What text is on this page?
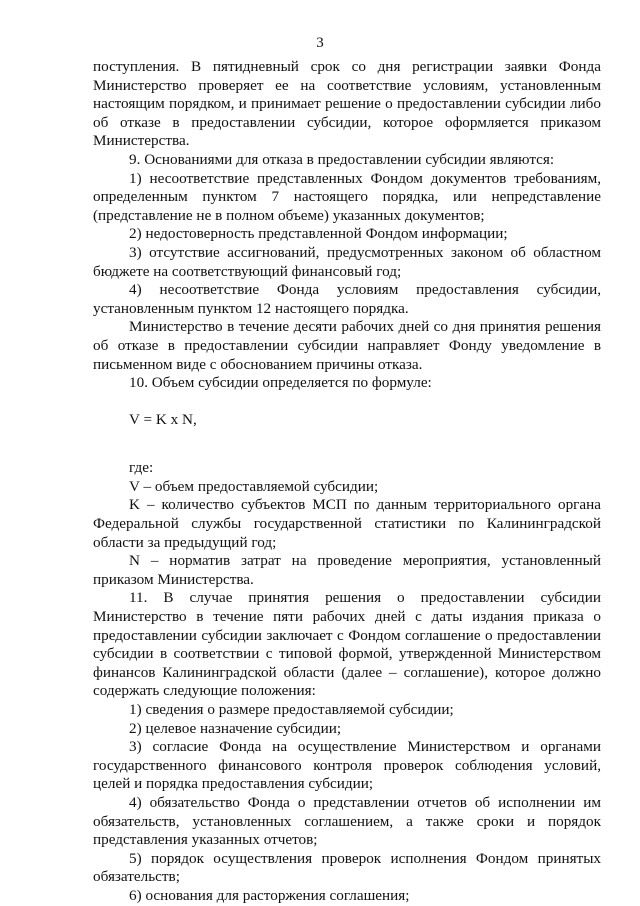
3

поступления. В пятидневный срок со дня регистрации заявки Фонда Министерство проверяет ее на соответствие условиям, установленным настоящим порядком, и принимает решение о предоставлении субсидии либо об отказе в предоставлении субсидии, которое оформляется приказом Министерства.

9. Основаниями для отказа в предоставлении субсидии являются:

1) несоответствие представленных Фондом документов требованиям, определенным пунктом 7 настоящего порядка, или непредставление (представление не в полном объеме) указанных документов;

2) недостоверность представленной Фондом информации;

3) отсутствие ассигнований, предусмотренных законом об областном бюджете на соответствующий финансовый год;

4) несоответствие Фонда условиям предоставления субсидии, установленным пунктом 12 настоящего порядка.

Министерство в течение десяти рабочих дней со дня принятия решения об отказе в предоставлении субсидии направляет Фонду уведомление в письменном виде с обоснованием причины отказа.

10. Объем субсидии определяется по формуле:

V = K x N,

где:

V – объем предоставляемой субсидии;

K – количество субъектов МСП по данным территориального органа Федеральной службы государственной статистики по Калининградской области за предыдущий год;

N – норматив затрат на проведение мероприятия, установленный приказом Министерства.

11. В случае принятия решения о предоставлении субсидии Министерство в течение пяти рабочих дней с даты издания приказа о предоставлении субсидии заключает с Фондом соглашение о предоставлении субсидии в соответствии с типовой формой, утвержденной Министерством финансов Калининградской области (далее – соглашение), которое должно содержать следующие положения:

1) сведения о размере предоставляемой субсидии;

2) целевое назначение субсидии;

3) согласие Фонда на осуществление Министерством и органами государственного финансового контроля проверок соблюдения условий, целей и порядка предоставления субсидии;

4) обязательство Фонда о представлении отчетов об исполнении им обязательств, установленных соглашением, а также сроки и порядок представления указанных отчетов;

5) порядок осуществления проверок исполнения Фондом принятых обязательств;

6) основания для расторжения соглашения;
